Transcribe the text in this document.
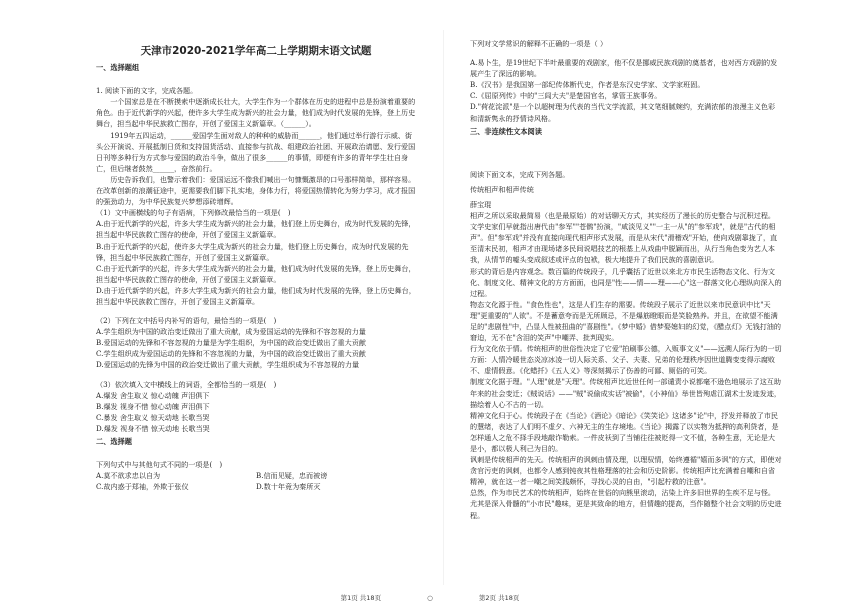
天津市2020-2021学年高二上学期期末语文试题
一、选择题组

1. 阅读下面的文字，完成各题。

一个国家总是在不断摸索中逐渐成长壮大，大学生作为一个群体在历史的进程中总是扮演着重要的角色。由于近代新学的兴起，使许多大学生成为新兴的社会力量，他们成为时代发展的先锋，登上历史舞台，担当起中华民族救亡图存，开创了爱国主义新篇章。（______）。

1919年五四运动，______爱国学生面对敌人的种种的威胁而______，他们通过举行游行示威、街头公开演说、开展抵制日货和支持国货活动、直接参与抗战、组建政治社团、开展政治请愿、发行爱国日刊等多种行为方式参与爱国的政治斗争，做出了很多______的事情，即便有许多的青年学生壮自身亡，但后继者鼓然______，奋然前行。

历史告诉我们，也警示着我们：爱国运远不像我们喊出一句慷慨激昂的口号那样简单，那样容易。在改革创新的浪潮征途中，更需要我们脚下扎实地，身体力行，将爱国热情转化为努力学习，成才报国的强劲动力，为中华民族复兴梦想添砖增辉。

（1）文中画横线的句子有语病，下列修改最恰当的一项是(　)

A.由于近代新学的兴起，许多大学生成为新兴的社会力量，他们登上历史舞台，成为时代发展的先锋，担当起中华民族救亡图存的使命，开创了爱国主义新篇章。

B.由于近代新学的兴起，使许多大学生成为新兴的社会力量，他们登上历史舞台，成为时代发展的先锋，担当起中华民族救亡图存，开创了爱国主义新篇章。

C.由于近代新学的兴起，许多大学生成为新兴的社会力量，他们成为时代发展的先锋，登上历史舞台，担当起中华民族救亡图存的使命，开创了爱国主义新篇章。

D.由于近代新学的兴起，许多大学生成为新兴的社会力量，他们成为时代发展的先锋，登上历史舞台，担当起中华民族救亡图存，开创了爱国主义新篇章。

（2）下列在文中括号内补写的语句，最恰当的一项是(　)

A.学生组织为中国的政治变迁做出了重大贡献，成为爱国运动的先锋和不容忽视的力量

B.爱国运动的先锋和不容忽视的力量是为学生组织，为中国的政治变迁做出了重大贡献

C.学生组织成为爱国运动的先锋和不容忽视的力量，为中国的政治变迁做出了重大贡献

D.爱国运动的先锋为中国的政治变迁做出了重大贡献，学生组织成为不容忽视的力量

（3）依次填入文中横线上的词语，全都恰当的一项是(　)

A.爆发 舍生取义 惊心动魄 声泪俱下

B.爆发 视身不惜 惊心动魄 声泪俱下

C.暴发 舍生取义 惊天动地 长歌当哭

D.爆发 视身不惜 惊天动地 长歌当哭

二、选择题

下列句式中与其他句式不同的一项是(　)

A.莫不欲求忠以自为	B.信而见疑，忠而被谤
C.故内惑于郑袖，外欺于张仪	D.数十年竟为秦所灭

下列对文学常识的解释不正确的一项是（ ）

A.易卜生，是19世纪下半叶最重要的戏剧家，他不仅是挪威民族戏剧的奠基者，也对西方戏剧的发展产生了深远的影响。

B.《汉书》是我国第一部纪传体断代史，作者是东汉史学家、文学家班固。

C.《屈原列传》中的"三闾大夫"是楚国官名，掌管王族事务。

D."荷花淀派"是一个以超树理为代表的当代文学流派，其文笔细腻婉约，充满浓郁的浪漫主义色彩和清新隽永的抒情诗风格。

三、非连续性文本阅读

阅读下面文本，完成下列各题。

传统相声和相声传统

薛宝琨

相声之所以采取最简易（也是最原始）的对话聊天方式，其实经历了漫长的历史整合与沉积过程。文学史家们早就指出唐代由"参军""苍鹘"扮演，"咸淡见义""一主一从"的"参军戏"，就是"古代的相声"。但"参军戏"并没有直接向现代相声形式发展，而是从宋代"滑稽戏"开始，使向戏剧靠拢了，直至清末民初，相声才由现场诸多民间说唱技艺的根基上从戏曲中脱颖而出，从行当角色变为艺人本我，从情节的嘘头变成叙述或评点的包袱，极大地提升了我们民族的喜剧意识。

形式的背后是内容观念。数百篇的传统段子，几乎囊括了近世以来北方市民生活物态文化、行为文化、制度文化、精神文化的方方面面，也同是"性——情——理——心"这一群落文化心理纵向深入的过程。

物态文化源于性。"食色性也"，这是人们生存的需要。传统段子展示了近世以来市民意识中比"天理"更重要的"人欲"。不是蓄意夸而是无所顾忌，不是爆筋瞪眼而是笑脸熟养。并且，在欲望不能满足的"悲剧性"中，凸显人性被扭曲的"喜剧性"。《梦中婚》借梦娶媳妇的幻觉，《醋点灯》无钱打油的窘迫，无不在"含泪的笑声"中嘲弄、批判现实。

行为文化依于情。传统相声的世俗性决定了它爱"拍刷事公德，入贩事文义"——远溯人际行为的一切方面：人情冷暖世态炎凉冰凌一切人际关系、父子、夫妻、兄弟的伦理秩序因世道腾变变得示腐败不、虚情假意。《化蜡扦》《五人义》等深刻揭示了伤善的可鄙、厕俗的可笑。

制度文化据于理。"人理"就是"天理"。传统相声比近世任何一部谴责小说都毫不逊色地展示了这互助年来的社会变迁；《贼说话》——"贼"说偷成实话"被偷"，《小神仙》举世皆殉虐江湖术士发迹发迹，描绘着人心不古的一切。

精神文化归于心。传统段子在《当论》《酒论》《暗论》《笑笑论》这诸多"论"中，抒发并释放了市民的慧绪，表达了人们明不虚夕、六神无主的生存境地。《当论》揭露了以实物为抵押的高利贷者，是怎样通人之危不择手段地敲诈勒索。一件皮袄到了当铺往往被贬得一文不值，各种生意，无论是大是小，都以极人利己为目的。

讽刺是传统相声的先天。传统相声的讽刺由情及理，以理驭情，始终遵循"嬉而多讽"的方式，即使对贪官污吏的讽刺，也都令人感到钝夜其性格理落的社会和历史阶影。传统相声比充满着自嘲和自省精神，就在这一者一嘲之间笑践颇怀，寻找心灵的自由，"引起柠救的注意"。

总然，作为市民艺术的传统相声，始终在世俗的向熊里滚动，沾染上许多旧世界的生疾不足与怪。尤其是深入骨髓的"小市民"趣味，更是其致命的地方，但情趣的提高，当作随整个社会文明的历史进程。

第1页 共18页	○	第2页 共18页
